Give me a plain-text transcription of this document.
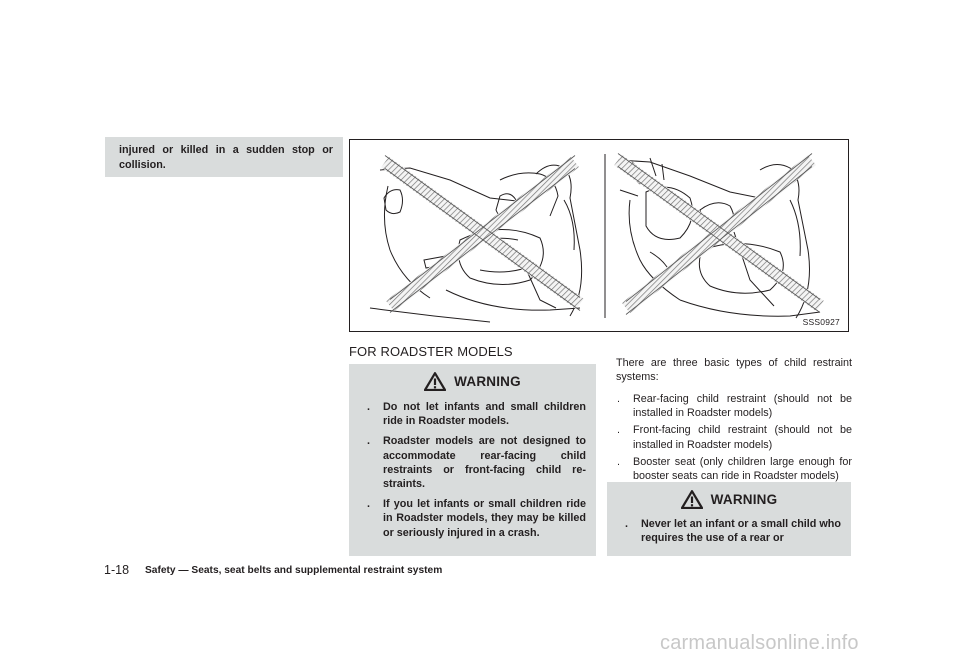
injured or killed in a sudden stop or collision.

SSS0927
FOR ROADSTER MODELS
WARNING
. Do not let infants and small children ride in Roadster models.
. Roadster models are not designed to accommodate rear-facing child restraints or front-facing child re-straints.
. If you let infants or small children ride in Roadster models, they may be killed or seriously injured in a crash.

There are three basic types of child restraint systems:

. Rear-facing child restraint (should not be installed in Roadster models)
. Front-facing child restraint (should not be installed in Roadster models)
. Booster seat (only children large enough for booster seats can ride in Roadster models)
WARNING
. Never let an infant or a small child who requires the use of a rear or
1-18 Safety — Seats, seat belts and supplemental restraint system
carmanualsonline.info
